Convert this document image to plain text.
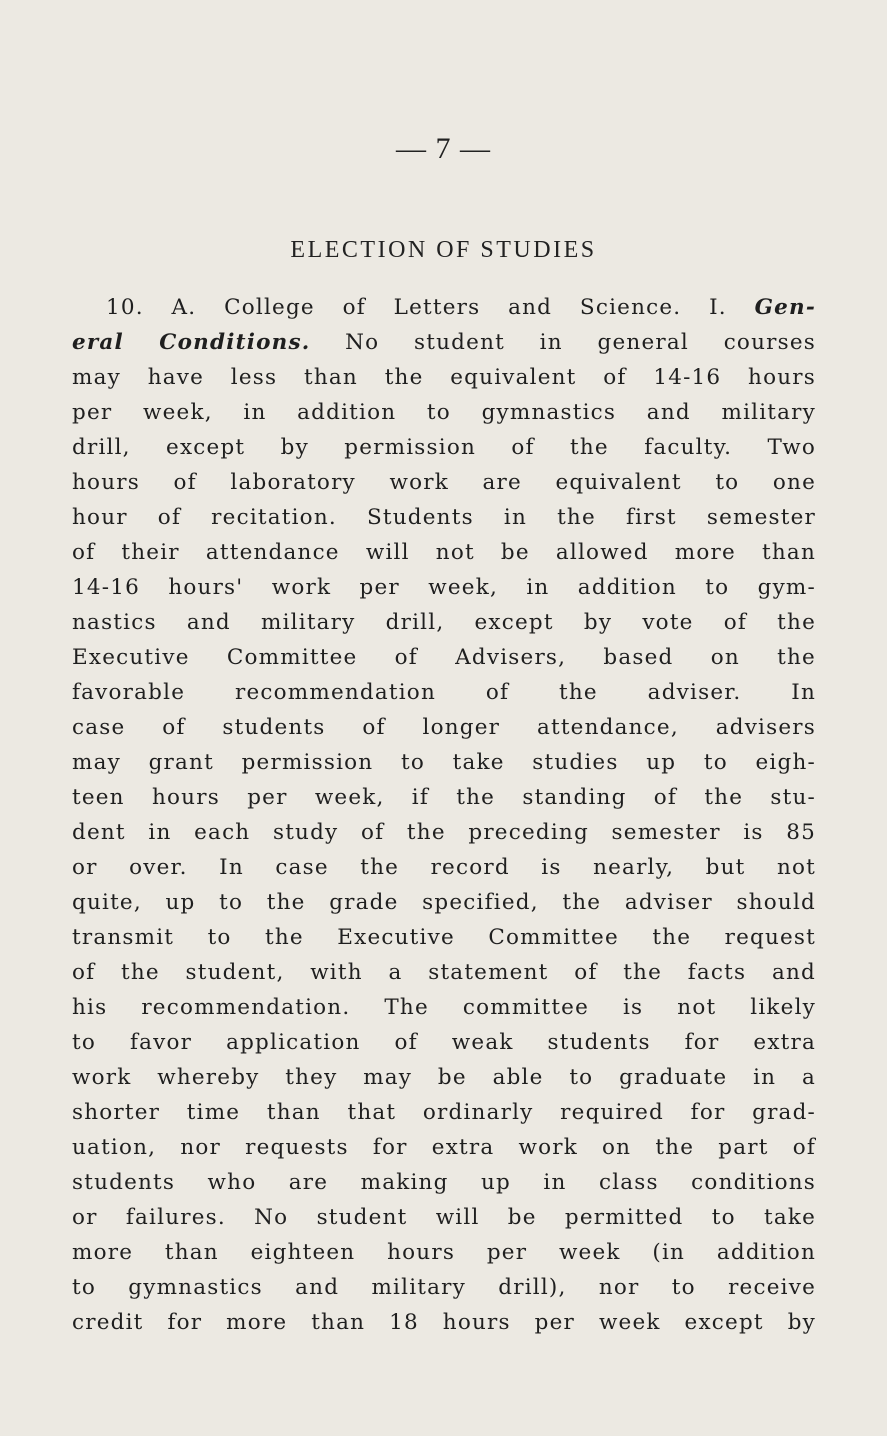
— 7 —
ELECTION OF STUDIES
10. A. College of Letters and Science. I. Gen-
eral Conditions. No student in general courses
may have less than the equivalent of 14-16 hours
per week, in addition to gymnastics and military
drill, except by permission of the faculty. Two
hours of laboratory work are equivalent to one
hour of recitation. Students in the first semester
of their attendance will not be allowed more than
14-16 hours' work per week, in addition to gym-
nastics and military drill, except by vote of the
Executive Committee of Advisers, based on the
favorable recommendation of the adviser. In
case of students of longer attendance, advisers
may grant permission to take studies up to eigh-
teen hours per week, if the standing of the stu-
dent in each study of the preceding semester is 85
or over. In case the record is nearly, but not
quite, up to the grade specified, the adviser should
transmit to the Executive Committee the request
of the student, with a statement of the facts and
his recommendation. The committee is not likely
to favor application of weak students for extra
work whereby they may be able to graduate in a
shorter time than that ordinarly required for grad-
uation, nor requests for extra work on the part of
students who are making up in class conditions
or failures. No student will be permitted to take
more than eighteen hours per week (in addition
to gymnastics and military drill), nor to receive
credit for more than 18 hours per week except by
